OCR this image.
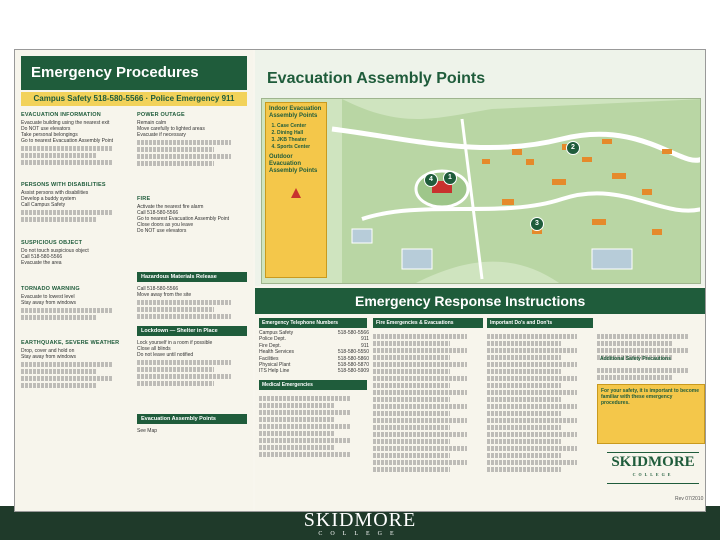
Emergency Procedures
Campus Safety 518-580-5566 · Police Emergency 911
EVACUATION INFORMATION
Evacuate building using the nearest exit
Do NOT use elevators
Take personal belongings
Go to nearest Evacuation Assembly Point
POWER OUTAGE
Remain calm
Move carefully to lighted areas
Evacuate if necessary
PERSONS WITH DISABILITIES
Assist persons with disabilities
Develop a buddy system
Call Campus Safety
FIRE
Activate the nearest fire alarm
Call 518-580-5566
Go to nearest Evacuation Assembly Point
Close doors as you leave
Do NOT use elevators
SUSPICIOUS OBJECT
Do not touch suspicious object
Call 518-580-5566
Evacuate the area
Hazardous Materials Release
Call 518-580-5566
Move away from the site
TORNADO WARNING
Evacuate to lowest level
Stay away from windows
Lockdown — Shelter in Place
Lock yourself in a room if possible
Close all blinds
Do not leave until notified
EARTHQUAKE, SEVERE WEATHER
Drop, cover and hold on
Stay away from windows
Evacuation Assembly Points
See Map
Evacuation Assembly Points
1
2
3
4
Indoor Evacuation Assembly Points
1. Case Center
2. Dining Hall
3. JKB Theater
4. Sports Center
Outdoor Evacuation Assembly Points
Emergency Response Instructions
Emergency Telephone Numbers	Fire Emergencies & Evacuations	Important Do's and Don'ts
Campus Safety	518-580-5566
Police Dept.	911
Fire Dept.	911
Health Services	518-580-5550
Facilities	518-580-5860
Physical Plant	518-580-5870
ITS Help Line	518-580-5909
Medical Emergencies
Additional Safety Precautions
For your safety, it is important to become familiar with these emergency procedures.
SKIDMORE
COLLEGE
Rev 07/2010
SKIDMORE
COLLEGE
